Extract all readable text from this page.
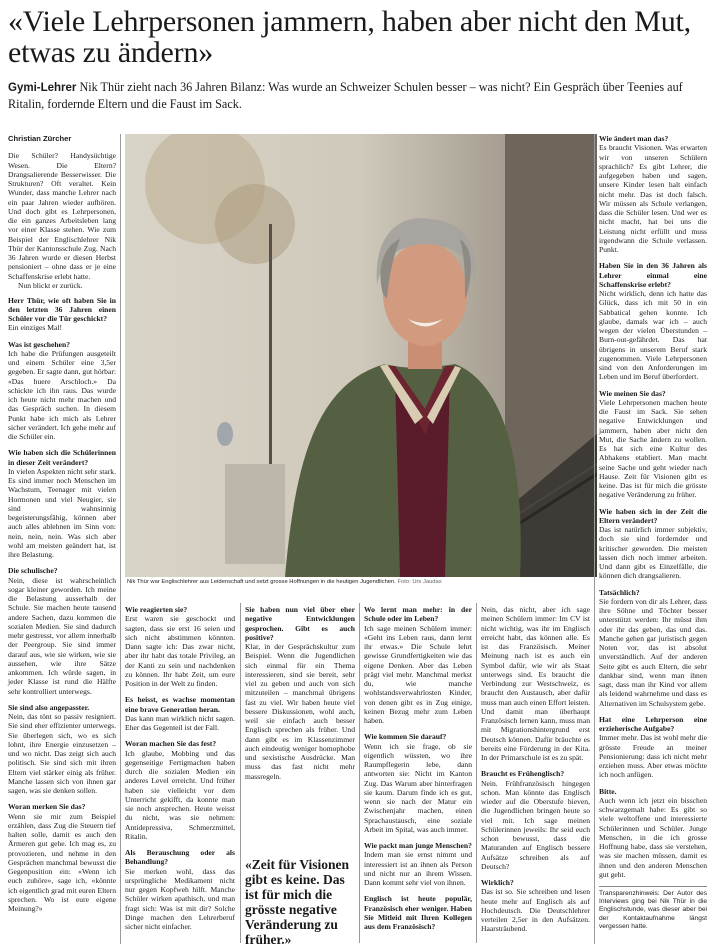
«Viele Lehrpersonen jammern, haben aber nicht den Mut, etwas zu ändern»
Gymi-Lehrer Nik Thür zieht nach 36 Jahren Bilanz: Was wurde an Schweizer Schulen besser – was nicht? Ein Gespräch über Teenies auf Ritalin, fordernde Eltern und die Faust im Sack.

Christian Zürcher

Die Schüler? Handysüchtige Wesen. Die Eltern? Drangsalierende Besserwisser. Die Strukturen? Oft veraltet. Kein Wunder, dass manche Lehrer nach ein paar Jahren wieder aufhören. Und doch gibt es Lehrpersonen, die ein ganzes Arbeitsleben lang vor einer Klasse stehen. Wie zum Beispiel der Englischlehrer Nik Thür der Kantonsschule Zug. Nach 36 Jahren wurde er diesen Herbst pensioniert – ohne dass er je eine Schaffenskrise erlebt hatte.

Nun blickt er zurück.

Herr Thür, wie oft haben Sie in den letzten 36 Jahren einen Schüler vor die Tür geschickt?

Ein einziges Mal!

Was ist geschehen?

Ich habe die Prüfungen ausgeteilt und einem Schüler eine 3,5er gegeben. Er sagte dann, gut hörbar: «Das huere Arschloch.» Da schickte ich ihn raus. Das wurde ich heute nicht mehr machen und das Gespräch suchen. In diesem Punkt habe ich mich als Lehrer sicher verändert. Ich gehe mehr auf die Schüler ein.

Wie haben sich die Schülerinnen in dieser Zeit verändert?

In vielen Aspekten nicht sehr stark. Es sind immer noch Menschen im Wachstum, Teenager mit vielen Hormonen und viel Neugier, sie sind wahnsinnig begeisterungsfähig, können aber auch alles ablehnen im Sinn von: nein, nein, nein. Was sich aber wohl am meisten geändert hat, ist ihre Belastung.

Die schulische?

Nein, diese ist wahrscheinlich sogar kleiner geworden. Ich meine die Belastung ausserhalb der Schule. Sie machen heute tausend andere Sachen, dazu kommen die sozialen Medien. Sie sind dadurch mehr gestresst, vor allem innerhalb der Peergroup. Sie sind immer darauf aus, wie sie wirken, wie sie aussehen, wie ihre Sätze ankommen. Ich würde sagen, in jeder Klasse ist rund die Hälfte sehr kontrolliert unterwegs.

Sie sind also angepasster.

Nein, das tönt so passiv resigniert. Sie sind eher effizienter unterwegs. Sie überlegen sich, wo es sich lohnt, ihre Energie einzusetzen – und wo nicht. Das zeigt sich auch politisch. Sie sind sich mit ihren Eltern viel stärker einig als früher. Manche lassen sich von ihnen gar sagen, was sie denken sollen.

Woran merken Sie das?

Wenn sie mir zum Beispiel erzählen, dass Zug die Steuern tief halten solle, damit es auch den Ärmeren gut gehe. Ich mag es, zu provozieren, und nehme in den Gesprächen manchmal bewusst die Gegenposition ein: «Wenn ich euch zuhöre», sage ich, «könnte ich eigentlich grad mit euren Eltern sprechen. Wo ist eure eigene Meinung?»

Nik Thür war Englischlehrer aus Leidenschaft und setzt grosse Hoffnungen in die heutigen Jugendlichen. Foto: Urs Jaudas

Wie reagierten sie?

Erst waren sie geschockt und sagten, dass sie erst 16 seien und sich nicht abstimmen könnten. Dann sagte ich: Das zwar nicht, aber ihr habt das totale Privileg, an der Kanti zu sein und nachdenken zu können. Ihr habt Zeit, um eure Position in der Welt zu finden.

Es heisst, es wachse momentan eine brave Generation heran.

Das kann man wirklich nicht sagen. Eher das Gegenteil ist der Fall.

Woran machen Sie das fest?

Ich glaube, Mobbing und das gegenseitige Fertigmachen haben durch die sozialen Medien ein anderes Level erreicht. Und früher haben sie vielleicht vor dem Unterricht gekifft, da konnte man sie noch ansprechen. Heute weisst du nicht, was sie nehmen: Antidepressiva, Schmerzmittel, Ritalin.

Als Berauschung oder als Behandlung?

Sie merken wohl, dass das ursprüngliche Medikament nicht nur gegen Kopfweh hilft. Manche Schüler wirken apathisch, und man fragt sich: Was ist mit dir? Solche Dinge machen den Lehrerberuf sicher nicht einfacher.

Sie haben nun viel über eher negative Entwicklungen gesprochen. Gibt es auch positive?

Klar, in der Gesprächskultur zum Beispiel. Wenn die Jugendlichen sich einmal für ein Thema interessieren, sind sie bereit, sehr viel zu geben und auch von sich mitzuteilen – manchmal übrigens fast zu viel. Wir haben heute viel bessere Diskussionen, wohl auch, weil sie einfach auch besser Englisch sprechen als früher. Und dann gibt es im Klassenzimmer auch eindeutig weniger homophobe und sexistische Ausdrücke. Man muss das fast nicht mehr massregeln.

«Zeit für Visionen gibt es keine. Das ist für mich die grösste negative Veränderung zu früher.»

Wo lernt man mehr: in der Schule oder im Leben?

Ich sage meinen Schülern immer: «Geht ins Leben raus, dann lernt ihr etwas.» Die Schule lehrt gewisse Grundfertigkeiten wie das eigene Denken. Aber das Leben prägt viel mehr. Manchmal merkst du, wie manche wohlstandsverwahrlosten Kinder, von denen gibt es in Zug einige, keinen Bezug mehr zum Leben haben.

Wie kommen Sie darauf?

Wenn ich sie frage, ob sie eigentlich wüssten, wo ihre Raumpflegerin lebe, dann antworten sie: Nicht im Kanton Zug. Das Warum aber hinterfragen sie kaum. Darum finde ich es gut, wenn sie nach der Matur ein Zwischenjahr machen, einen Sprachaustausch, eine soziale Arbeit im Spital, was auch immer.

Wie packt man junge Menschen?

Indem man sie ernst nimmt und interessiert ist an ihnen als Person und nicht nur an ihrem Wissen. Dann kommt sehr viel von ihnen.

Englisch ist heute populär, Französisch eher weniger. Haben Sie Mitleid mit Ihren Kollegen aus dem Französisch?

Nein, das nicht, aber ich sage meinen Schülern immer: Im CV ist nicht wichtig, was ihr im Englisch erreicht habt, das können alle. Es ist das Französisch. Meiner Meinung nach ist es auch ein Symbol dafür, wie wir als Staat unterwegs sind. Es braucht die Verbindung zur Westschweiz, es braucht den Austausch, aber dafür muss man auch einen Effort leisten. Und damit man überhaupt Französisch lernen kann, muss man mit Migrationshintergrund erst Deutsch können. Dafür bräuchte es bereits eine Förderung in der Kita. In der Primarschule ist es zu spät.

Braucht es Frühenglisch?

Nein. Frühfranzösisch hingegen schon. Man könnte das Englisch wieder auf die Oberstufe hieven, die Jugendlichen bringen heute so viel mit. Ich sage meinen Schülerinnen jeweils: Ihr seid euch schon bewusst, dass die Maturanden auf Englisch bessere Aufsätze schreiben als auf Deutsch?

Wirklich?

Das ist so. Sie schreiben und lesen heute mehr auf Englisch als auf Hochdeutsch. Die Deutschlehrer verteilen 2,5er in den Aufsätzen. Haarsträubend.

Wie ändert man das?

Es braucht Visionen. Was erwarten wir von unseren Schülern sprachlich? Es gibt Lehrer, die aufgegeben haben und sagen, unsere Kinder lesen halt einfach nicht mehr. Das ist doch falsch. Wir müssen als Schule verlangen, dass die Schüler lesen. Und wer es nicht macht, hat bei uns die Leistung nicht erfüllt und muss irgendwann die Schule verlassen. Punkt.

Haben Sie in den 36 Jahren als Lehrer einmal eine Schaffenskrise erlebt?

Nicht wirklich, denn ich hatte das Glück, dass ich mit 50 in ein Sabbatical gehen konnte. Ich glaube, damals war ich – auch wegen der vielen Überstunden – Burn-out-gefährdet. Das hat übrigens in unserem Beruf stark zugenommen. Viele Lehrpersonen sind von den Anforderungen im Leben und im Beruf überfordert.

Wie meinen Sie das?

Viele Lehrpersonen machen heute die Faust im Sack. Sie sehen negative Entwicklungen und jammern, haben aber nicht den Mut, die Sache ändern zu wollen. Es hat sich eine Kultur des Abhakens etabliert. Man macht seine Sache und geht wieder nach Hause. Zeit für Visionen gibt es keine. Das ist für mich die grösste negative Veränderung zu früher.

Wie haben sich in der Zeit die Eltern verändert?

Das ist natürlich immer subjektiv, doch sie sind fordernder und kritischer geworden. Die meisten lassen dich noch immer arbeiten. Und dann gibt es Einzelfälle, die können dich drangsalieren.

Tatsächlich?

Sie fordern von dir als Lehrer, dass ihre Söhne und Töchter besser unterstützt werden: Ihr müsst ihm oder ihr das geben, das und das. Manche gehen gar juristisch gegen Noten vor, das ist absolut unverständlich. Auf der anderen Seite gibt es auch Eltern, die sehr dankbar sind, wenn man ihnen sagt, dass man ihr Kind vor allem als leidend wahrnehme und dass es Alternativen im Schulsystem gebe.

Hat eine Lehrperson eine erzieherische Aufgabe?

Immer mehr. Das ist wohl mehr die grösste Freude an meiner Pensionierung: dass ich nicht mehr erziehen muss. Aber etwas möchte ich noch anfügen.

Bitte.

Auch wenn ich jetzt ein bisschen schwarzgemalt habe: Es gibt so viele weltoffene und interessierte Schülerinnen und Schüler. Junge Menschen, in die ich grosse Hoffnung habe, dass sie verstehen, was sie machen müssen, damit es ihnen und den anderen Menschen gut geht.

Transparenzhinweis: Der Autor des Interviews ging bei Nik Thür in die Englischstunde, was dieser aber bei der Kontaktaufnahme längst vergessen hatte.
